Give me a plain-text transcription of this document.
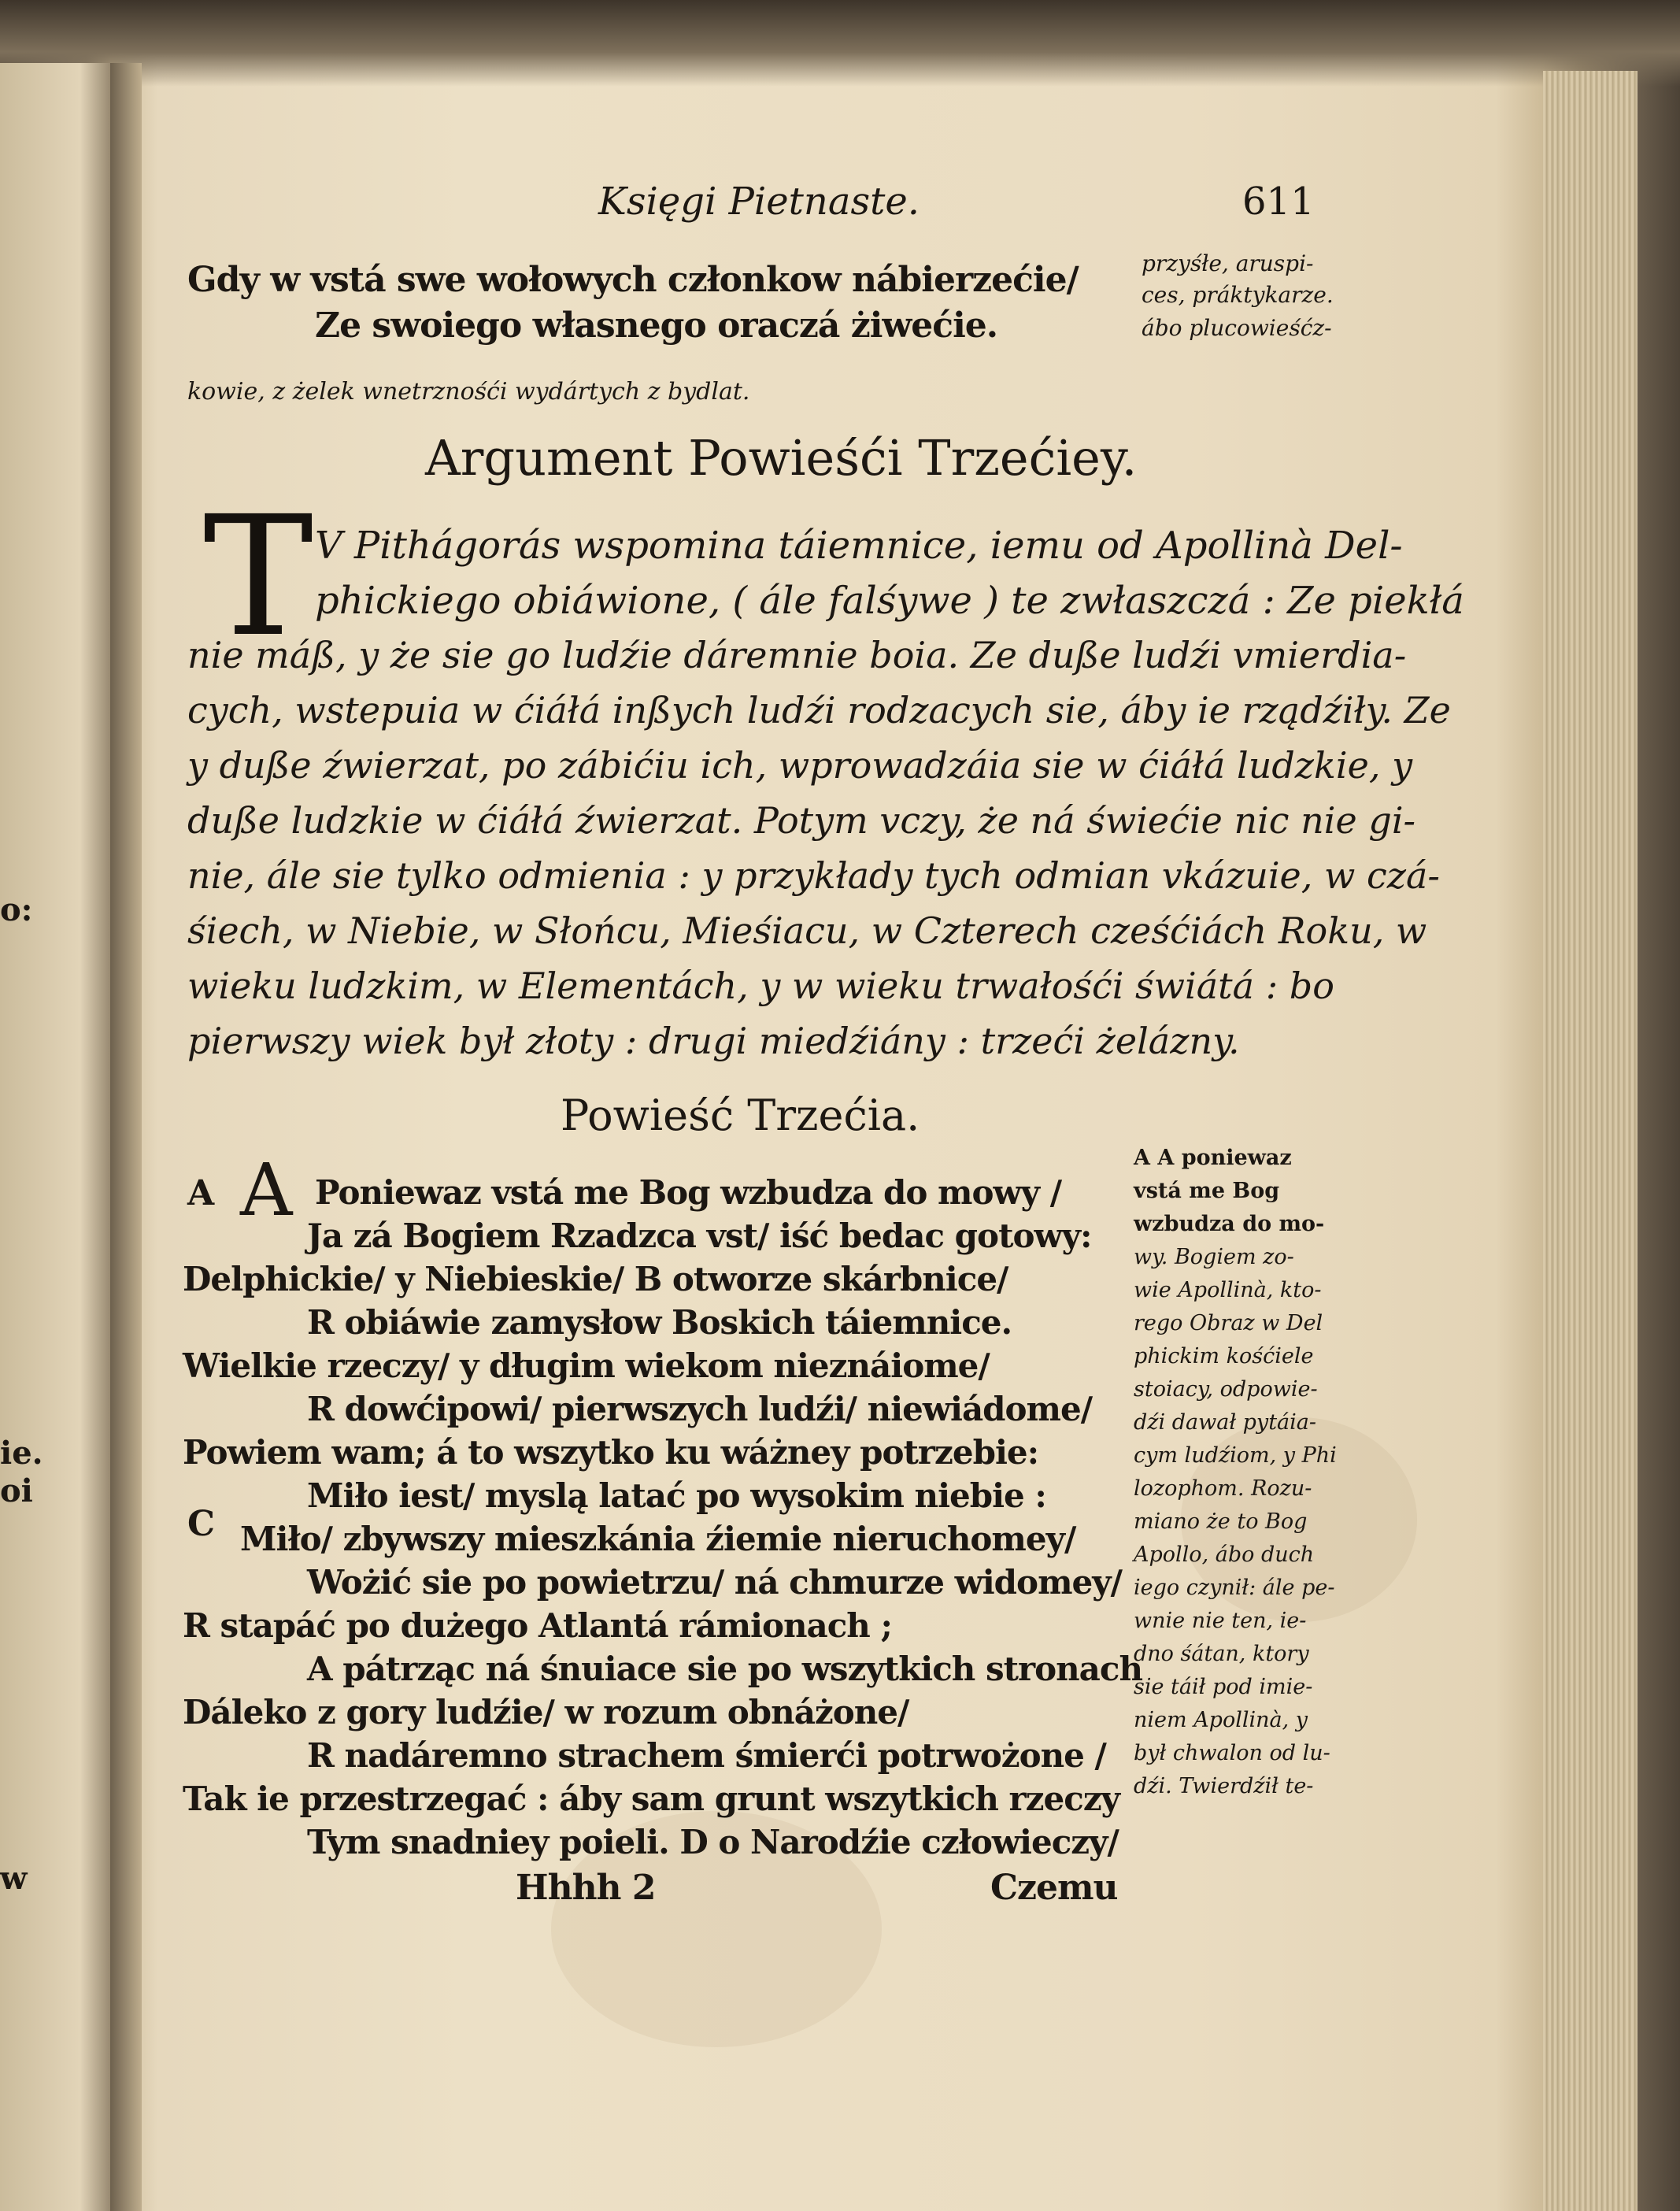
o:
ie.
oi
w
Księgi Pietnaste.	611
Gdy w vstá swe wołowych członkow nábierzećie/
Ze swoiego własnego oraczá żiwećie.
kowie, z żelek wnetrznośći wydártych z bydlat.
przyśłe, aruspi-
ces, práktykarze.
ábo plucowieśćz-
Argument Powieśći Trzećiey.
T V Pithágorás wspomina táiemnice, iemu od Apollinà Del-
phickiego obiáwione, ( ále falśywe ) te zwłaszczá : Ze piekłá
nie máß, y że sie go ludźie dáremnie boia. Ze duße ludźi vmierdia-
cych, wstepuia w ćiáłá inßych ludźi rodzacych sie, áby ie rządźiły. Ze
y duße źwierzat, po zábićiu ich, wprowadzáia sie w ćiáłá ludzkie, y
duße ludzkie w ćiáłá źwierzat. Potym vczy, że ná świećie nic nie gi-
nie, ále sie tylko odmienia : y przykłady tych odmian vkázuie, w czá-
śiech, w Niebie, w Słońcu, Mieśiacu, w Czterech cześćiách Roku, w
wieku ludzkim, w Elementách, y w wieku trwałośći świátá : bo
pierwszy wiek był złoty : drugi miedźiány : trzeći żelázny.
Powieść Trzećia.
A
C
A Poniewaz vstá me Bog wzbudza do mowy /
Ja zá Bogiem Rzadzca vst/ iść bedac gotowy:
Delphickie/ y Niebieskie/ B otworze skárbnice/
R obiáwie zamysłow Boskich táiemnice.
Wielkie rzeczy/ y długim wiekom nieznáiome/
R dowćipowi/ pierwszych ludźi/ niewiádome/
Powiem wam; á to wszytko ku wáżney potrzebie:
Miło iest/ myslą latać po wysokim niebie :
Miło/ zbywszy mieszkánia źiemie nieruchomey/
Wożić sie po powietrzu/ ná chmurze widomey/
R stapáć po dużego Atlantá rámionach ;
A pátrząc ná śnuiace sie po wszytkich stronach
Dáleko z gory ludźie/ w rozum obnáżone/
R nadáremno strachem śmierći potrwożone /
Tak ie przestrzegać : áby sam grunt wszytkich rzeczy
Tym snadniey poieli. D o Narodźie człowieczy/
A A poniewaz
vstá me Bog
wzbudza do mo-
wy. Bogiem zo-
wie Apollinà, kto-
rego Obraz w Del
phickim kośćiele
stoiacy, odpowie-
dźi dawał pytáia-
cym ludźiom, y Phi
lozophom. Rozu-
miano że to Bog
Apollo, ábo duch
iego czynił: ále pe-
wnie nie ten, ie-
dno śátan, ktory
sie táił pod imie-
niem Apollinà, y
był chwalon od lu-
dźi. Twierdźił te-
Hhhh 2	Czemu
